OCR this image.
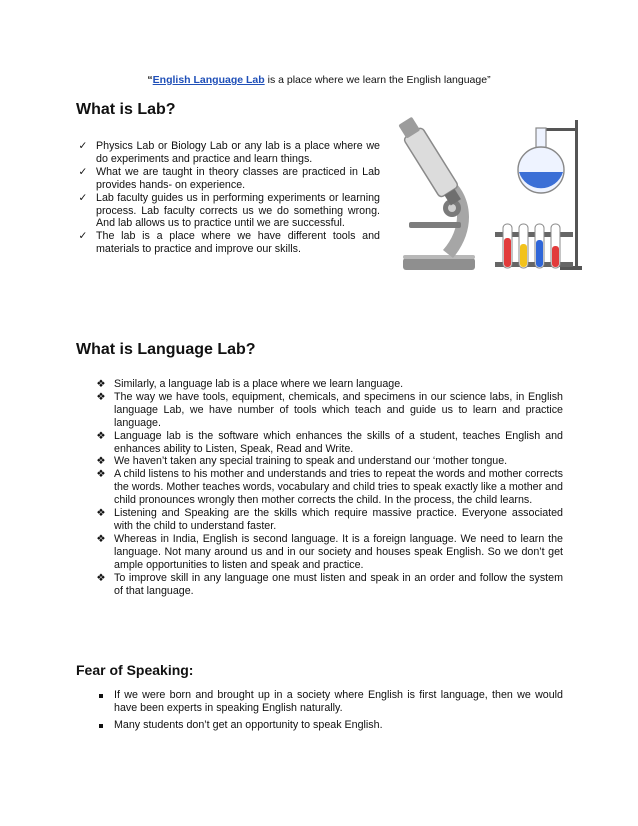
“English Language Lab is a place where we learn the English language”
What is Lab?
✓ Physics Lab or Biology Lab or any lab is a place where we do experiments and practice and learn things.
✓ What we are taught in theory classes are practiced in Lab provides hands- on experience.
✓ Lab faculty guides us in performing experiments or learning process. Lab faculty corrects us we do something wrong. And lab allows us to practice until we are successful.
✓ The lab is a place where we have different tools and materials to practice and improve our skills.
What is Language Lab?
❖ Similarly, a language lab is a place where we learn language.
❖ The way we have tools, equipment, chemicals, and specimens in our science labs, in English language Lab, we have number of tools which teach and guide us to learn and practice language.
❖ Language lab is the software which enhances the skills of a student, teaches English and enhances ability to Listen, Speak, Read and Write.
❖ We haven’t taken any special training to speak and understand our ‘mother tongue.
❖ A child listens to his mother and understands and tries to repeat the words and mother corrects the words. Mother teaches words, vocabulary and child tries to speak exactly like a mother and child pronounces wrongly then mother corrects the child. In the process, the child learns.
❖ Listening and Speaking are the skills which require massive practice. Everyone associated with the child to understand faster.
❖ Whereas in India, English is second language. It is a foreign language. We need to learn the language. Not many around us and in our society and houses speak English. So we don’t get ample opportunities to listen and speak and practice.
❖ To improve skill in any language one must listen and speak in an order and follow the system of that language.
Fear of Speaking:
If we were born and brought up in a society where English is first language, then we would have been experts in speaking English naturally.
Many students don’t get an opportunity to speak English.
